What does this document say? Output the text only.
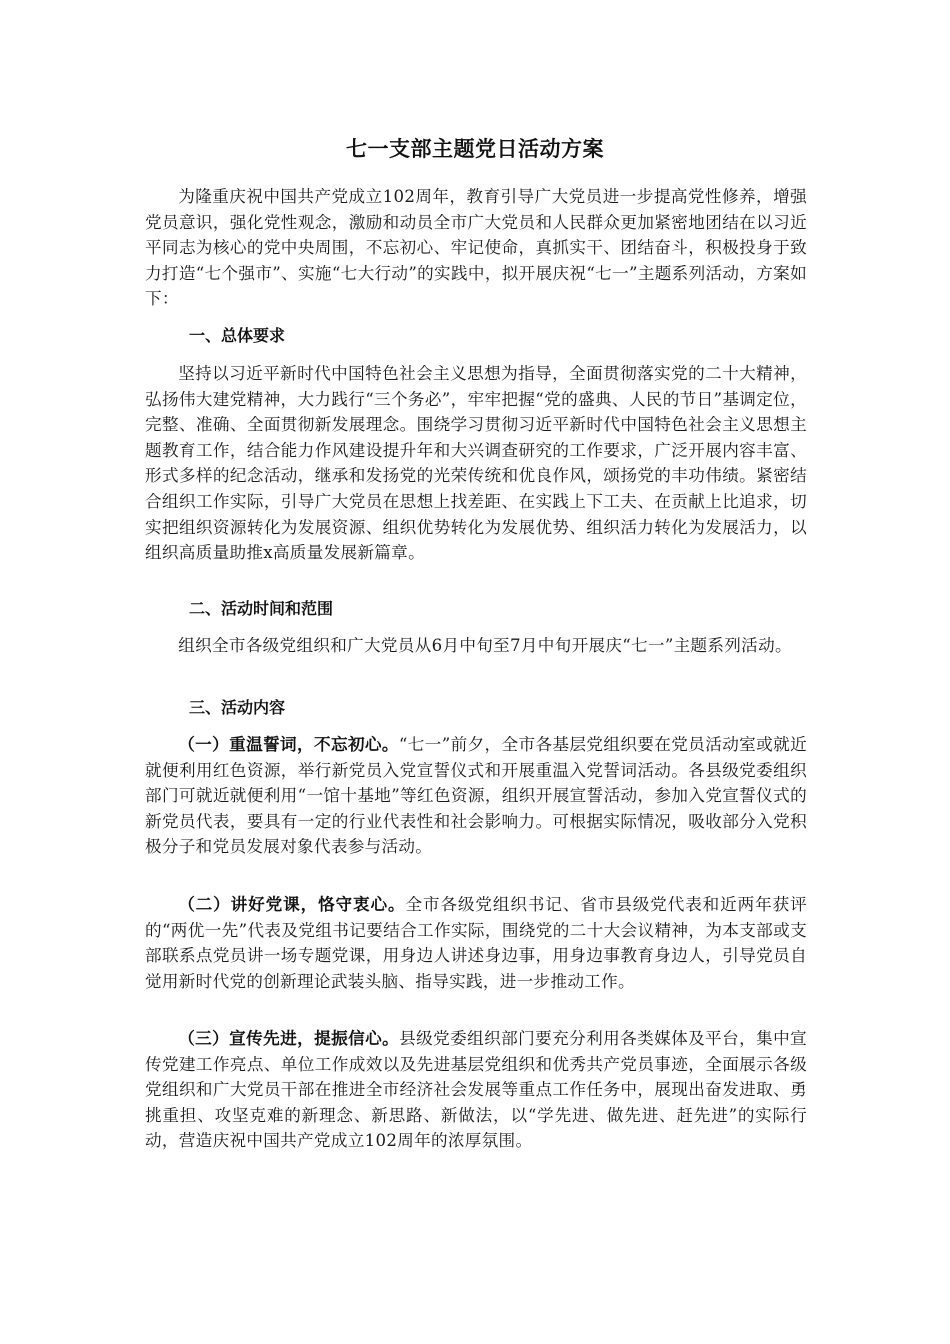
七一支部主题党日活动方案

为隆重庆祝中国共产党成立102周年，教育引导广大党员进一步提高党性修养，增强党员意识，强化党性观念，激励和动员全市广大党员和人民群众更加紧密地团结在以习近平同志为核心的党中央周围，不忘初心、牢记使命，真抓实干、团结奋斗，积极投身于致力打造“七个强市”、实施“七大行动”的实践中，拟开展庆祝“七一”主题系列活动，方案如下：

一、总体要求

坚持以习近平新时代中国特色社会主义思想为指导，全面贯彻落实党的二十大精神，弘扬伟大建党精神，大力践行“三个务必”，牢牢把握“党的盛典、人民的节日”基调定位，完整、准确、全面贯彻新发展理念。围绕学习贯彻习近平新时代中国特色社会主义思想主题教育工作，结合能力作风建设提升年和大兴调查研究的工作要求，广泛开展内容丰富、形式多样的纪念活动，继承和发扬党的光荣传统和优良作风，颂扬党的丰功伟绩。紧密结合组织工作实际，引导广大党员在思想上找差距、在实践上下工夫、在贡献上比追求，切实把组织资源转化为发展资源、组织优势转化为发展优势、组织活力转化为发展活力，以组织高质量助推x高质量发展新篇章。

二、活动时间和范围

组织全市各级党组织和广大党员从6月中旬至7月中旬开展庆“七一”主题系列活动。

三、活动内容

（一）重温誓词，不忘初心。“七一”前夕，全市各基层党组织要在党员活动室或就近就便利用红色资源，举行新党员入党宣誓仪式和开展重温入党誓词活动。各县级党委组织部门可就近就便利用“一馆十基地”等红色资源，组织开展宣誓活动，参加入党宣誓仪式的新党员代表，要具有一定的行业代表性和社会影响力。可根据实际情况，吸收部分入党积极分子和党员发展对象代表参与活动。

（二）讲好党课，恪守衷心。全市各级党组织书记、省市县级党代表和近两年获评的“两优一先”代表及党组书记要结合工作实际，围绕党的二十大会议精神，为本支部或支部联系点党员讲一场专题党课，用身边人讲述身边事，用身边事教育身边人，引导党员自觉用新时代党的创新理论武装头脑、指导实践，进一步推动工作。

（三）宣传先进，提振信心。县级党委组织部门要充分利用各类媒体及平台，集中宣传党建工作亮点、单位工作成效以及先进基层党组织和优秀共产党员事迹，全面展示各级党组织和广大党员干部在推进全市经济社会发展等重点工作任务中，展现出奋发进取、勇挑重担、攻坚克难的新理念、新思路、新做法，以“学先进、做先进、赶先进”的实际行动，营造庆祝中国共产党成立102周年的浓厚氛围。
